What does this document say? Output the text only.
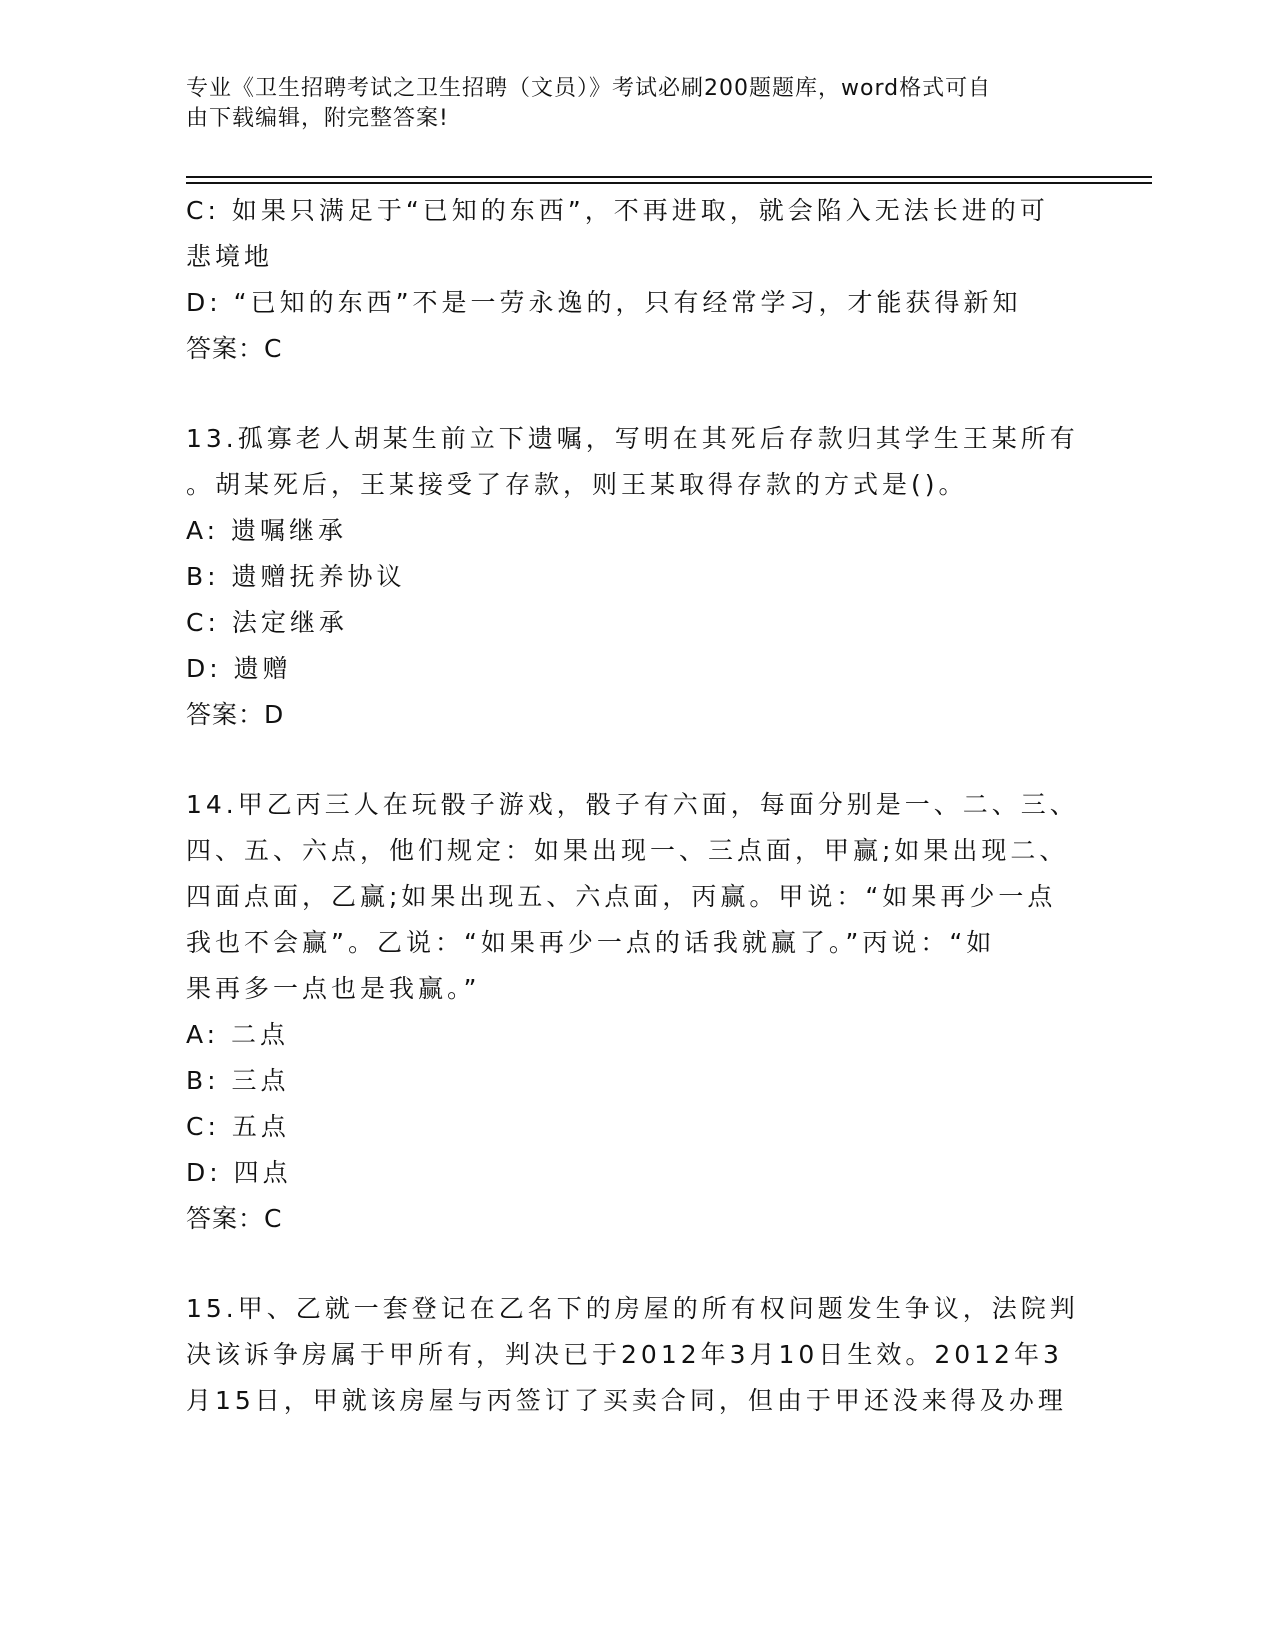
专业《卫生招聘考试之卫生招聘（文员）》考试必刷200题题库，word格式可自
由下载编辑，附完整答案!
C: 如果只满足于“已知的东西”，不再进取，就会陷入无法长进的可
悲境地
D: “已知的东西”不是一劳永逸的，只有经常学习，才能获得新知
答案：C
13.孤寡老人胡某生前立下遗嘱，写明在其死后存款归其学生王某所有
。胡某死后，王某接受了存款，则王某取得存款的方式是()。
A: 遗嘱继承
B: 遗赠抚养协议
C: 法定继承
D: 遗赠
答案：D
14.甲乙丙三人在玩骰子游戏，骰子有六面，每面分别是一、二、三、
四、五、六点，他们规定：如果出现一、三点面，甲赢;如果出现二、
四面点面，乙赢;如果出现五、六点面，丙赢。甲说：“如果再少一点
我也不会赢”。乙说：“如果再少一点的话我就赢了。”丙说：“如
果再多一点也是我赢。”
A: 二点
B: 三点
C: 五点
D: 四点
答案：C
15.甲、乙就一套登记在乙名下的房屋的所有权问题发生争议，法院判
决该诉争房属于甲所有，判决已于2012年3月10日生效。2012年3
月15日，甲就该房屋与丙签订了买卖合同，但由于甲还没来得及办理
